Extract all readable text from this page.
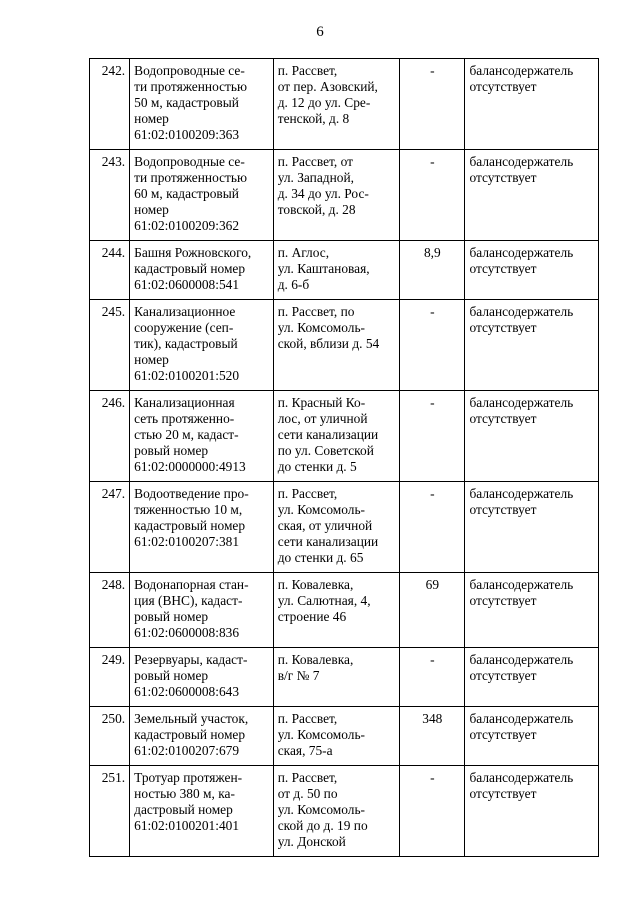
6
242.	Водопроводные се-
ти протяженностью
50 м, кадастровый
номер
61:02:0100209:363	п. Рассвет,
от пер. Азовский,
д. 12 до ул. Сре-
тенской, д. 8	-	балансодержатель
отсутствует
243.	Водопроводные се-
ти протяженностью
60 м, кадастровый
номер
61:02:0100209:362	п. Рассвет, от
ул. Западной,
д. 34 до ул. Рос-
товской, д. 28	-	балансодержатель
отсутствует
244.	Башня Рожновского,
кадастровый номер
61:02:0600008:541	п. Аглос,
ул. Каштановая,
д. 6-б	8,9	балансодержатель
отсутствует
245.	Канализационное
сооружение (сеп-
тик), кадастровый
номер
61:02:0100201:520	п. Рассвет, по
ул. Комсомоль-
ской, вблизи д. 54	-	балансодержатель
отсутствует
246.	Канализационная
сеть протяженно-
стью 20 м, кадаст-
ровый номер
61:02:0000000:4913	п. Красный Ко-
лос, от уличной
сети канализации
по ул. Советской
до стенки д. 5	-	балансодержатель
отсутствует
247.	Водоотведение про-
тяженностью 10 м,
кадастровый номер
61:02:0100207:381	п. Рассвет,
ул. Комсомоль-
ская, от уличной
сети канализации
до стенки д. 65	-	балансодержатель
отсутствует
248.	Водонапорная стан-
ция (ВНС), кадаст-
ровый номер
61:02:0600008:836	п. Ковалевка,
ул. Салютная, 4,
строение 46	69	балансодержатель
отсутствует
249.	Резервуары, кадаст-
ровый номер
61:02:0600008:643	п. Ковалевка,
в/г № 7	-	балансодержатель
отсутствует
250.	Земельный участок,
кадастровый номер
61:02:0100207:679	п. Рассвет,
ул. Комсомоль-
ская, 75-а	348	балансодержатель
отсутствует
251.	Тротуар протяжен-
ностью 380 м, ка-
дастровый номер
61:02:0100201:401	п. Рассвет,
от д. 50 по
ул. Комсомоль-
ской до д. 19 по
ул. Донской	-	балансодержатель
отсутствует
